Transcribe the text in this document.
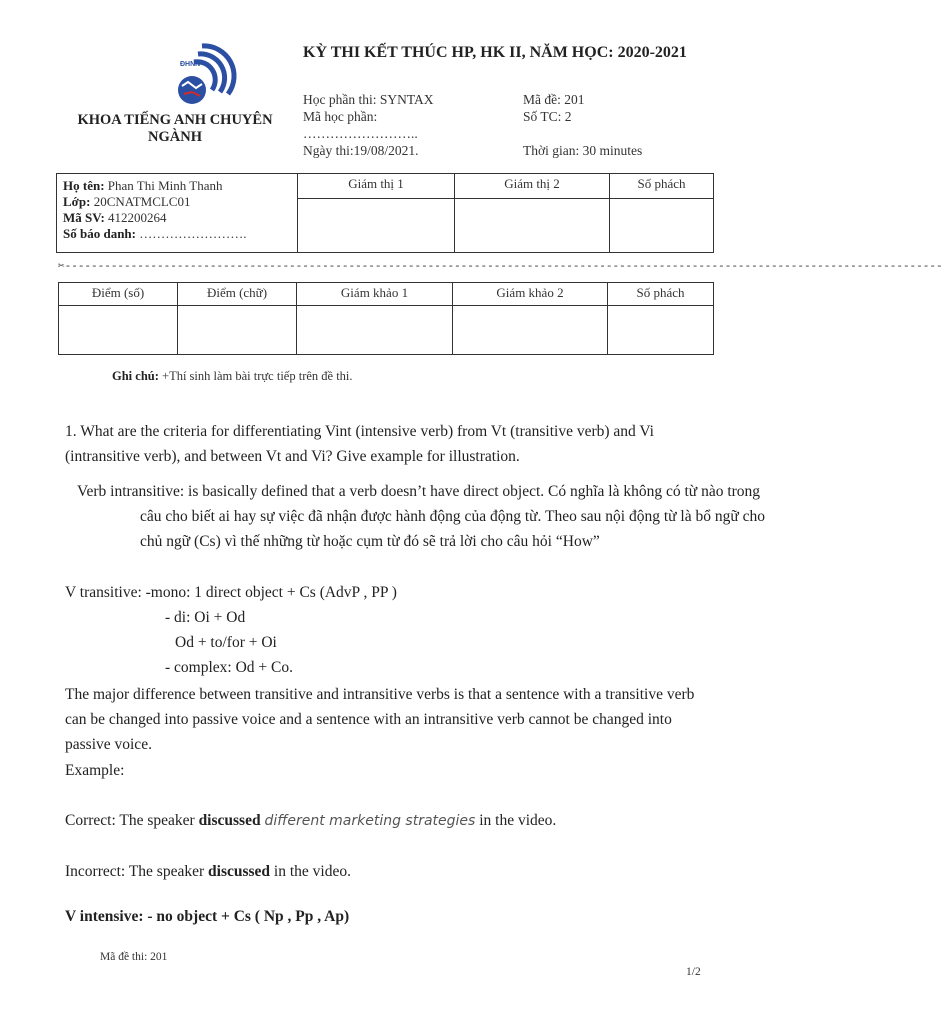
ĐHNN
KHOA TIẾNG ANH CHUYÊN NGÀNH
KỲ THI KẾT THÚC HP, HK II, NĂM HỌC: 2020-2021
Học phần thi: SYNTAX
Mã học phần:
……………………..
Ngày thi:19/08/2021.
Mã đề: 201
Số TC: 2
Thời gian: 30 minutes
Họ tên: Phan Thi Minh Thanh
Lớp: 20CNATMCLC01
Mã SV: 412200264
Số báo danh: …………………….	Giám thị 1	Giám thị 2	Số phách

✂-------------------------------------------------------------------------------------------------------------------------------------
Điểm (số)	Điểm (chữ)	Giám khảo 1	Giám khảo 2	Số phách

Ghi chú: +Thí sinh làm bài trực tiếp trên đề thi.
1. What are the criteria for differentiating Vint (intensive verb) from Vt (transitive verb) and Vi (intransitive verb), and between Vt and Vi? Give example for illustration.
Verb intransitive: is basically defined that a verb doesn’t have direct object. Có nghĩa là không có từ nào trong câu cho biết ai hay sự việc đã nhận được hành động của động từ. Theo sau nội động từ là bổ ngữ cho chủ ngữ (Cs) vì thế những từ hoặc cụm từ đó sẽ trả lời cho câu hỏi “How”
V transitive: -mono: 1 direct object + Cs (AdvP , PP )
- di: Oi + Od
Od + to/for + Oi
- complex: Od + Co.
The major difference between transitive and intransitive verbs is that a sentence with a transitive verb can be changed into passive voice and a sentence with an intransitive verb cannot be changed into passive voice.
Example:
Correct: The speaker discussed different marketing strategies in the video.
Incorrect: The speaker discussed in the video.
V intensive: - no object + Cs ( Np , Pp , Ap)
Mã đề thi: 201
1/2
